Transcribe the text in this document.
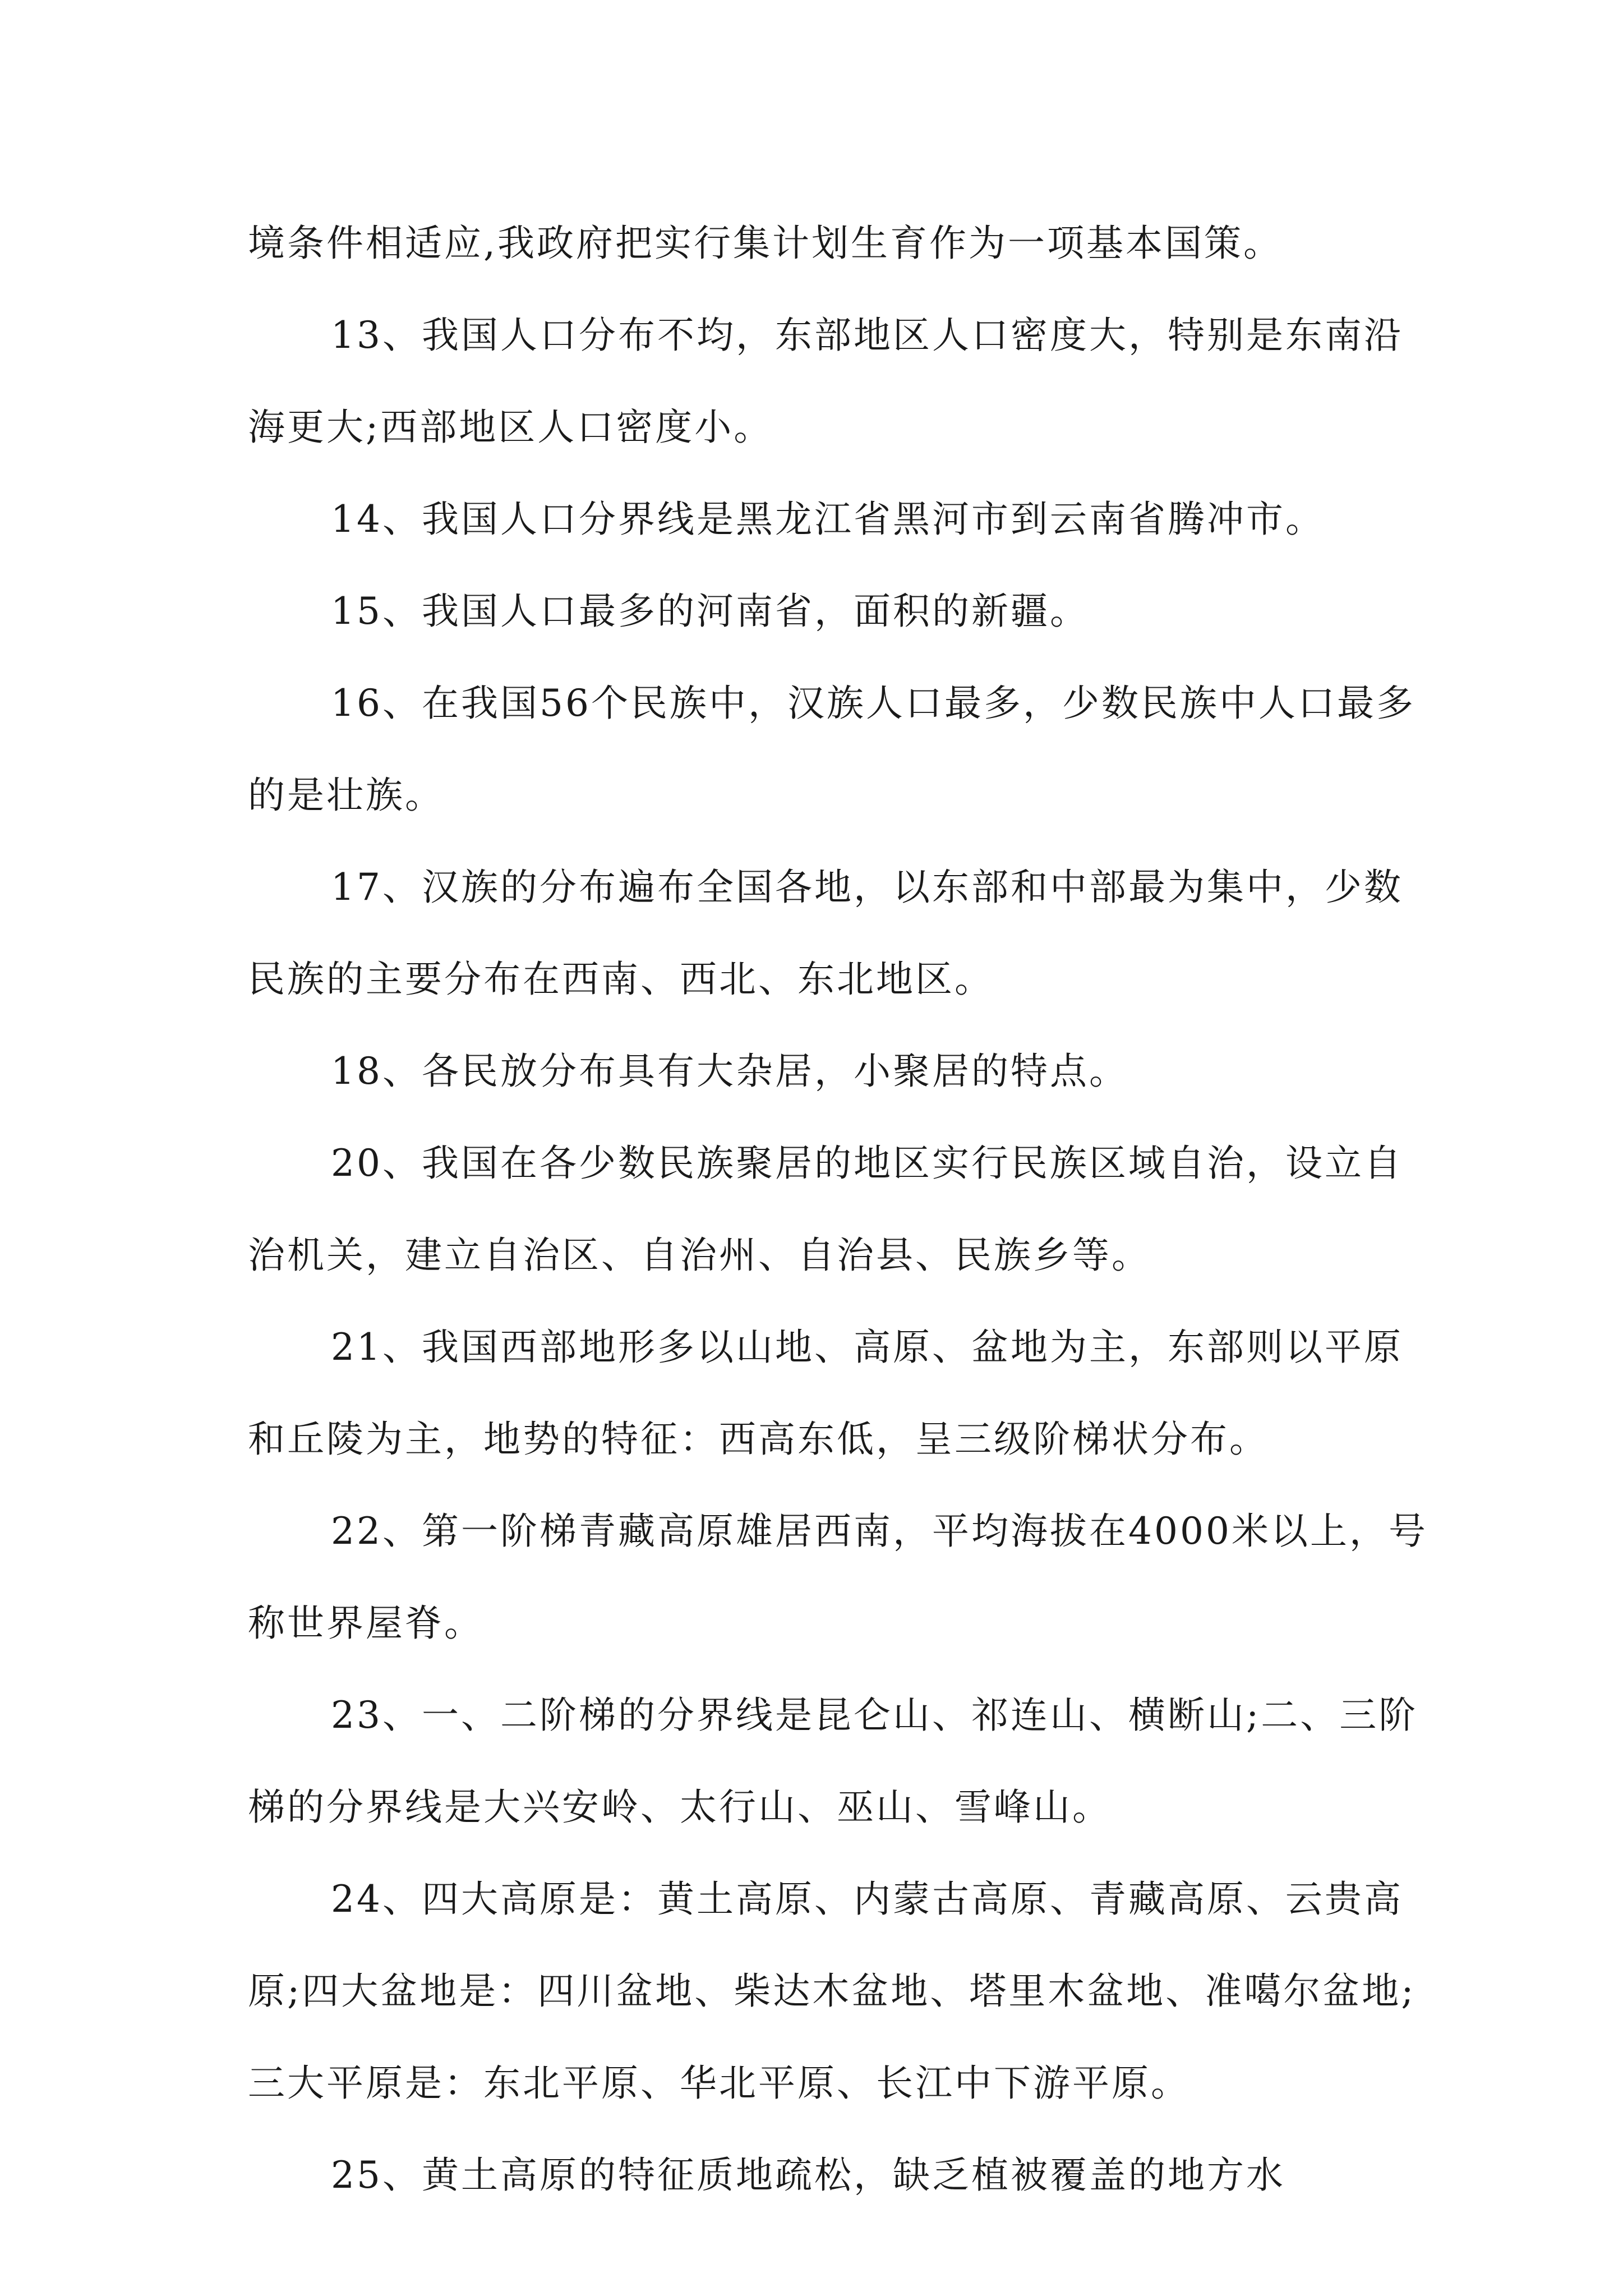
境条件相适应,我政府把实行集计划生育作为一项基本国策。

13、我国人口分布不均，东部地区人口密度大，特别是东南沿海更大;西部地区人口密度小。

14、我国人口分界线是黑龙江省黑河市到云南省腾冲市。

15、我国人口最多的河南省，面积的新疆。

16、在我国56个民族中，汉族人口最多，少数民族中人口最多的是壮族。

17、汉族的分布遍布全国各地，以东部和中部最为集中，少数民族的主要分布在西南、西北、东北地区。

18、各民放分布具有大杂居，小聚居的特点。

20、我国在各少数民族聚居的地区实行民族区域自治，设立自治机关，建立自治区、自治州、自治县、民族乡等。

21、我国西部地形多以山地、高原、盆地为主，东部则以平原和丘陵为主，地势的特征：西高东低，呈三级阶梯状分布。

22、第一阶梯青藏高原雄居西南，平均海拔在4000米以上，号称世界屋脊。

23、一、二阶梯的分界线是昆仑山、祁连山、横断山;二、三阶梯的分界线是大兴安岭、太行山、巫山、雪峰山。

24、四大高原是：黄土高原、内蒙古高原、青藏高原、云贵高原;四大盆地是：四川盆地、柴达木盆地、塔里木盆地、准噶尔盆地;三大平原是：东北平原、华北平原、长江中下游平原。

25、黄土高原的特征质地疏松，缺乏植被覆盖的地方水
